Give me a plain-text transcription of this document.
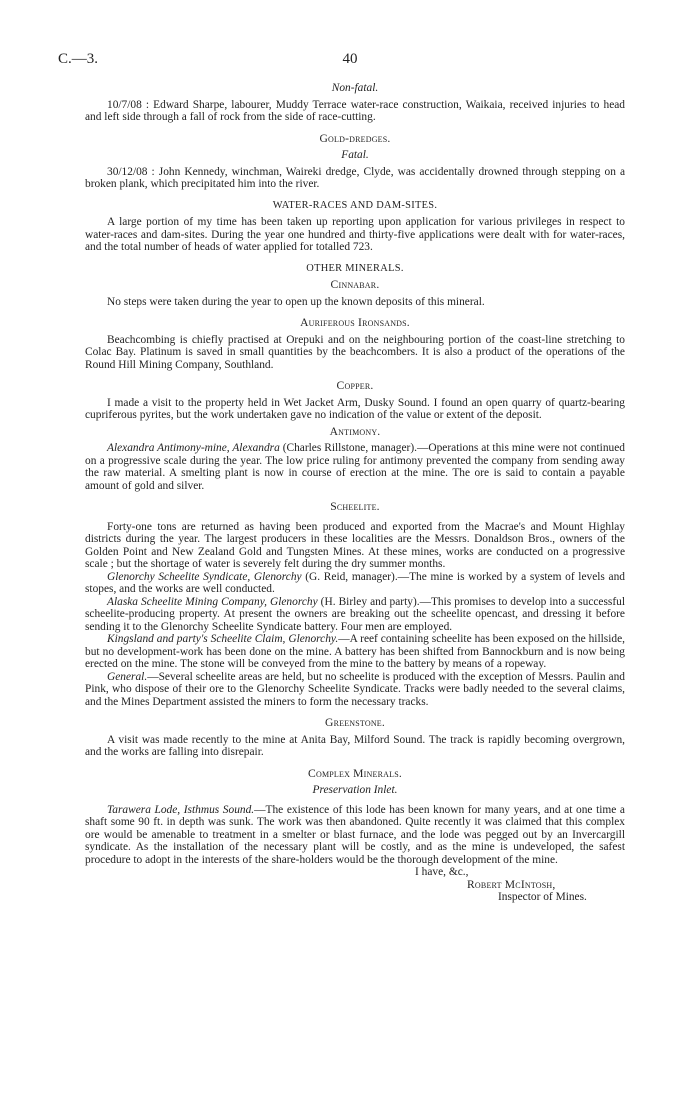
C.—3.	40
Non-fatal.

10/7/08 : Edward Sharpe, labourer, Muddy Terrace water-race construction, Waikaia, received injuries to head and left side through a fall of rock from the side of race-cutting.

Gold-dredges.
Fatal.

30/12/08 : John Kennedy, winchman, Waireki dredge, Clyde, was accidentally drowned through stepping on a broken plank, which precipitated him into the river.

WATER-RACES AND DAM-SITES.

A large portion of my time has been taken up reporting upon application for various privileges in respect to water-races and dam-sites. During the year one hundred and thirty-five applications were dealt with for water-races, and the total number of heads of water applied for totalled 723.

OTHER MINERALS.
Cinnabar.

No steps were taken during the year to open up the known deposits of this mineral.

Auriferous Ironsands.

Beachcombing is chiefly practised at Orepuki and on the neighbouring portion of the coast-line stretching to Colac Bay. Platinum is saved in small quantities by the beachcombers. It is also a product of the operations of the Round Hill Mining Company, Southland.

Copper.

I made a visit to the property held in Wet Jacket Arm, Dusky Sound. I found an open quarry of quartz-bearing cupriferous pyrites, but the work undertaken gave no indication of the value or extent of the deposit.

Antimony.

Alexandra Antimony-mine, Alexandra (Charles Rillstone, manager).—Operations at this mine were not continued on a progressive scale during the year. The low price ruling for antimony prevented the company from sending away the raw material. A smelting plant is now in course of erection at the mine. The ore is said to contain a payable amount of gold and silver.

Scheelite.

Forty-one tons are returned as having been produced and exported from the Macrae's and Mount Highlay districts during the year. The largest producers in these localities are the Messrs. Donaldson Bros., owners of the Golden Point and New Zealand Gold and Tungsten Mines. At these mines, works are conducted on a progressive scale ; but the shortage of water is severely felt during the dry summer months.

Glenorchy Scheelite Syndicate, Glenorchy (G. Reid, manager).—The mine is worked by a system of levels and stopes, and the works are well conducted.

Alaska Scheelite Mining Company, Glenorchy (H. Birley and party).—This promises to develop into a successful scheelite-producing property. At present the owners are breaking out the scheelite opencast, and dressing it before sending it to the Glenorchy Scheelite Syndicate battery. Four men are employed.

Kingsland and party's Scheelite Claim, Glenorchy.—A reef containing scheelite has been exposed on the hillside, but no development-work has been done on the mine. A battery has been shifted from Bannockburn and is now being erected on the mine. The stone will be conveyed from the mine to the battery by means of a ropeway.

General.—Several scheelite areas are held, but no scheelite is produced with the exception of Messrs. Paulin and Pink, who dispose of their ore to the Glenorchy Scheelite Syndicate. Tracks were badly needed to the several claims, and the Mines Department assisted the miners to form the necessary tracks.

Greenstone.

A visit was made recently to the mine at Anita Bay, Milford Sound. The track is rapidly becoming overgrown, and the works are falling into disrepair.

Complex Minerals.
Preservation Inlet.

Tarawera Lode, Isthmus Sound.—The existence of this lode has been known for many years, and at one time a shaft some 90 ft. in depth was sunk. The work was then abandoned. Quite recently it was claimed that this complex ore would be amenable to treatment in a smelter or blast furnace, and the lode was pegged out by an Invercargill syndicate. As the installation of the necessary plant will be costly, and as the mine is undeveloped, the safest procedure to adopt in the interests of the share-holders would be the thorough development of the mine.

I have, &c.,
Robert McIntosh,
Inspector of Mines.
